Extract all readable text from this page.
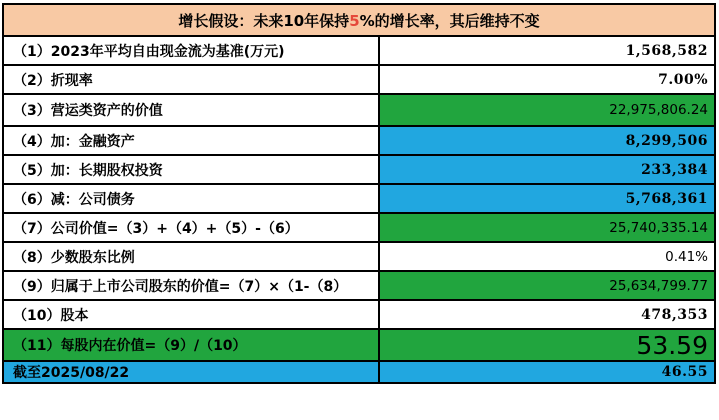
增长假设：未来10年保持5%的增长率，其后维持不变	
（1）2023年平均自由现金流为基准(万元)	1,568,582
（2）折现率	7.00%
（3）营运类资产的价值	22,975,806.24
（4）加：金融资产	8,299,506
（5）加：长期股权投资	233,384
（6）减：公司债务	5,768,361
（7）公司价值=（3）+（4）+（5）-（6）	25,740,335.14
（8）少数股东比例	0.41%
（9）归属于上市公司股东的价值=（7）×（1-（8）	25,634,799.77
（10）股本	478,353
（11）每股内在价值=（9）/（10）	53.59
截至2025/08/22	46.55
